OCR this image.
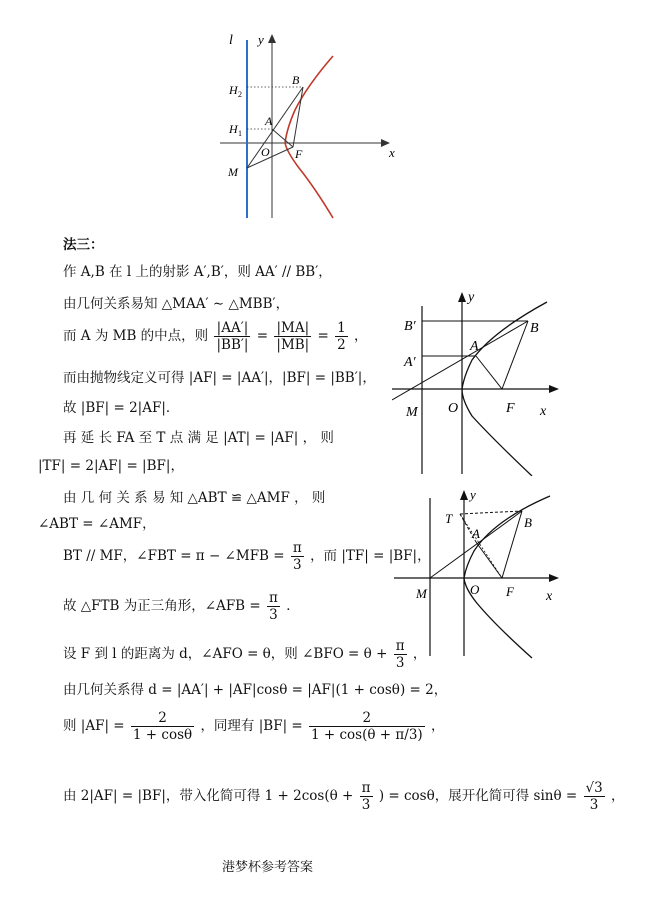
l y
x
H 2
H 1
A
B
O F
M
法三：
作 A,B 在 l 上的射影 A′,B′，则 AA′ // BB′，
由几何关系易知 △MAA′ ∼ △MBB′，
而 A 为 MB 的中点，则 $\frac{|AA'|}{|BB'|} = \frac{|MA|}{|MB|} = \frac{1}{2}$ ，
而由抛物线定义可得 |AF| = |AA′|，|BF| = |BB′|，
故 |BF| = 2|AF|．
再 延 长 FA 至 T 点 满 足 |AT| = |AF| ， 则
|TF| = 2|AF| = |BF|，
由 几 何 关 系 易 知 △ABT ≌ △AMF ， 则
∠ABT = ∠AMF，
BT // MF，∠FBT = π − ∠MFB = $\frac{\pi}{3}$ ，而 |TF| = |BF|，
故 △FTB 为正三角形，∠AFB = $\frac{\pi}{3}$ ．
设 F 到 l 的距离为 d，∠AFO = θ，则 ∠BFO = $\theta + \frac{\pi}{3}$ ，
由几何关系得 d = |AA′| + |AF|cosθ = |AF|(1 + cosθ) = 2，
则 $|AF| = \frac{2}{1 + \cos\theta}$ ，同理有 $|BF| = \frac{2}{1 + \cos(\theta + \pi/3)}$ ，
由 2|AF| = |BF|，带入化简可得 $1 + 2\cos(\theta + \frac{\pi}{3}$ ) = cosθ，展开化简可得 $\sin\theta = \frac{√3}{3}$ ，
y
x
B′
A′
A
B
O	F
M
y
x
T
A
B
O F
M
港梦杯参考答案
